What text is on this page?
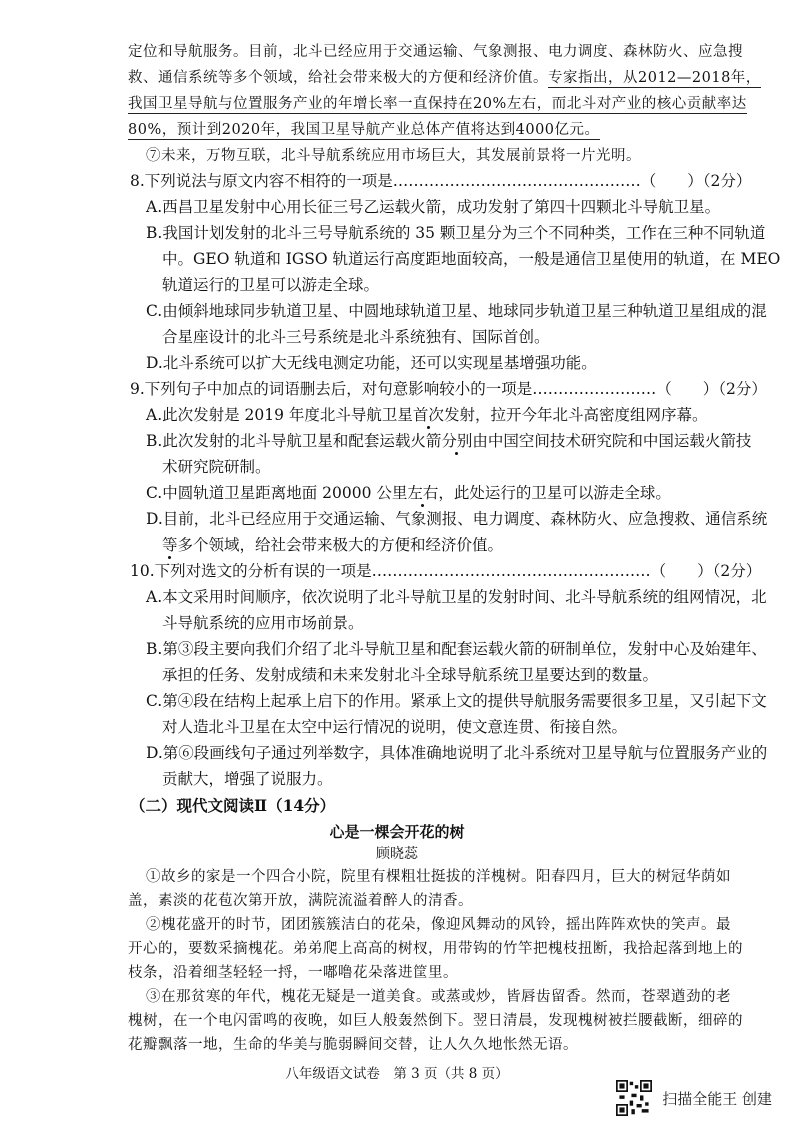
定位和导航服务。目前，北斗已经应用于交通运输、气象测报、电力调度、森林防火、应急搜
救、通信系统等多个领域，给社会带来极大的方便和经济价值。专家指出，从2012—2018年，
我国卫星导航与位置服务产业的年增长率一直保持在20%左右，而北斗对产业的核心贡献率达
80%，预计到2020年，我国卫星导航产业总体产值将达到4000亿元。
⑦未来，万物互联，北斗导航系统应用市场巨大，其发展前景将一片光明。
8.下列说法与原文内容不相符的一项是…………………………………………（　　）（2分）
A.西昌卫星发射中心用长征三号乙运载火箭，成功发射了第四十四颗北斗导航卫星。
B.我国计划发射的北斗三号导航系统的 35 颗卫星分为三个不同种类，工作在三种不同轨道
中。GEO 轨道和 IGSO 轨道运行高度距地面较高，一般是通信卫星使用的轨道，在 MEO
轨道运行的卫星可以游走全球。
C.由倾斜地球同步轨道卫星、中圆地球轨道卫星、地球同步轨道卫星三种轨道卫星组成的混
合星座设计的北斗三号系统是北斗系统独有、国际首创。
D.北斗系统可以扩大无线电测定功能，还可以实现星基增强功能。
9.下列句子中加点的词语删去后，对句意影响较小的一项是……………………（　　）（2分）
A.此次发射是 2019 年度北斗导航卫星首次发射，拉开今年北斗高密度组网序幕。
B.此次发射的北斗导航卫星和配套运载火箭分别由中国空间技术研究院和中国运载火箭技
术研究院研制。
C.中圆轨道卫星距离地面 20000 公里左右，此处运行的卫星可以游走全球。
D.目前，北斗已经应用于交通运输、气象测报、电力调度、森林防火、应急搜救、通信系统
等多个领域，给社会带来极大的方便和经济价值。
10.下列对选文的分析有误的一项是………………………………………………（　　）（2分）
A.本文采用时间顺序，依次说明了北斗导航卫星的发射时间、北斗导航系统的组网情况，北
斗导航系统的应用市场前景。
B.第③段主要向我们介绍了北斗导航卫星和配套运载火箭的研制单位，发射中心及始建年、
承担的任务、发射成绩和未来发射北斗全球导航系统卫星要达到的数量。
C.第④段在结构上起承上启下的作用。紧承上文的提供导航服务需要很多卫星，又引起下文
对人造北斗卫星在太空中运行情况的说明，使文意连贯、衔接自然。
D.第⑥段画线句子通过列举数字，具体准确地说明了北斗系统对卫星导航与位置服务产业的
贡献大，增强了说服力。
（二）现代文阅读Ⅱ（14分）
心是一棵会开花的树
顾晓蕊
①故乡的家是一个四合小院，院里有棵粗壮挺拔的洋槐树。阳春四月，巨大的树冠华荫如
盖，素淡的花苞次第开放，满院流溢着醉人的清香。
②槐花盛开的时节，团团簇簇洁白的花朵，像迎风舞动的风铃，摇出阵阵欢快的笑声。最
开心的，要数采摘槐花。弟弟爬上高高的树杈，用带钩的竹竿把槐枝扭断，我拾起落到地上的
枝条，沿着细茎轻轻一捋，一嘟噜花朵落进筐里。
③在那贫寒的年代，槐花无疑是一道美食。或蒸或炒，皆唇齿留香。然而，苍翠遒劲的老
槐树，在一个电闪雷鸣的夜晚，如巨人般轰然倒下。翌日清晨，发现槐树被拦腰截断，细碎的
花瓣飘落一地，生命的华美与脆弱瞬间交替，让人久久地怅然无语。
八年级语文试卷　第 3 页（共 8 页）
扫描全能王 创建
